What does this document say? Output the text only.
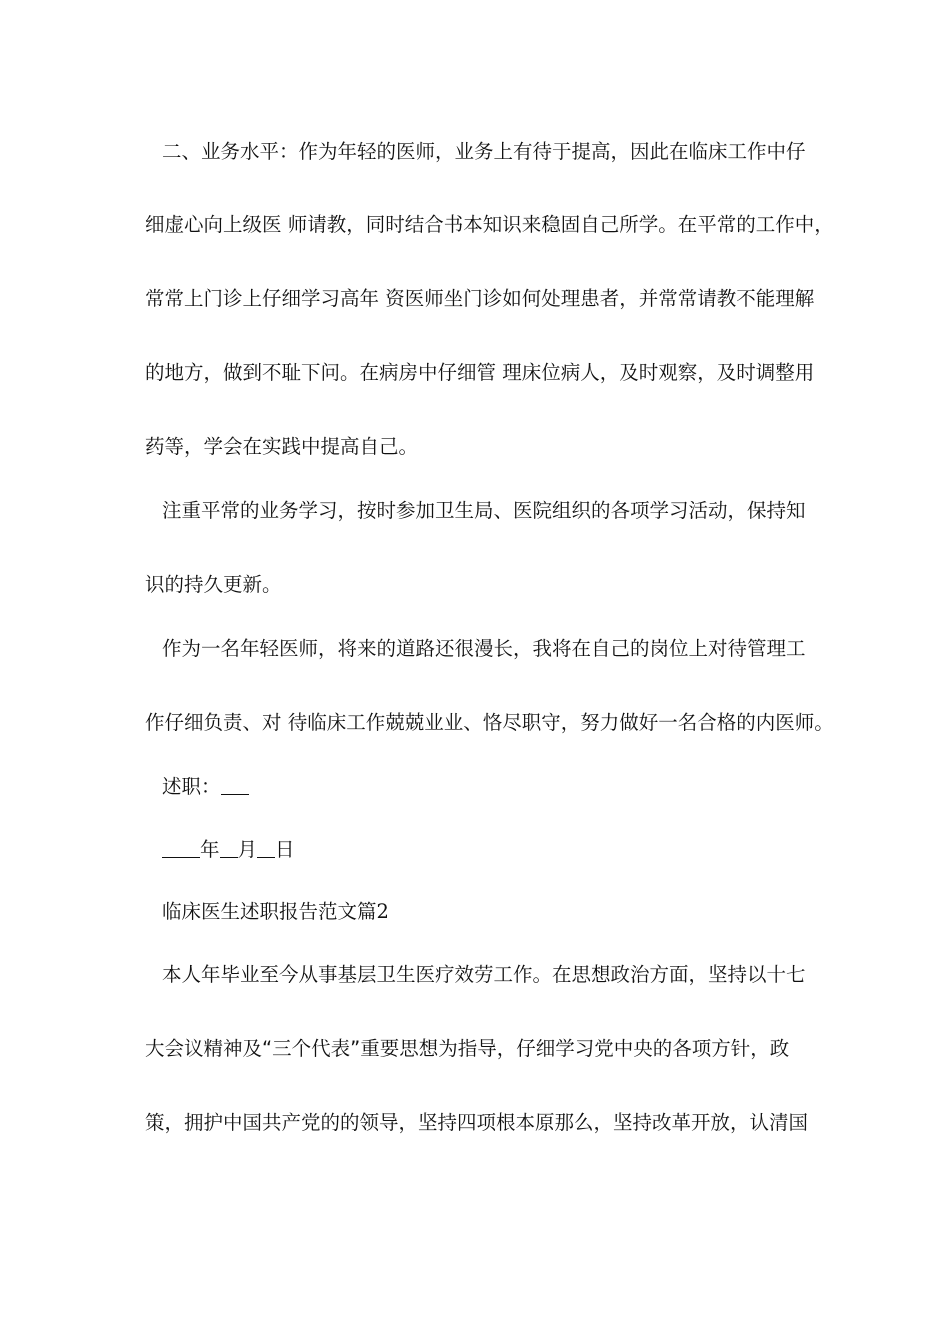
二、业务水平：作为年轻的医师，业务上有待于提高，因此在临床工作中仔
细虚心向上级医 师请教，同时结合书本知识来稳固自己所学。在平常的工作中，
常常上门诊上仔细学习高年 资医师坐门诊如何处理患者，并常常请教不能理解
的地方，做到不耻下问。在病房中仔细管 理床位病人，及时观察，及时调整用
药等，学会在实践中提高自己。
注重平常的业务学习，按时参加卫生局、医院组织的各项学习活动，保持知
识的持久更新。
作为一名年轻医师，将来的道路还很漫长，我将在自己的岗位上对待管理工
作仔细负责、对 待临床工作兢兢业业、恪尽职守，努力做好一名合格的内医师。
述职：
年 月 日
临床医生述职报告范文篇2
本人年毕业至今从事基层卫生医疗效劳工作。在思想政治方面，坚持以十七
大会议精神及“三个代表”重要思想为指导，仔细学习党中央的各项方针，政
策，拥护中国共产党的的领导，坚持四项根本原那么，坚持改革开放，认清国
